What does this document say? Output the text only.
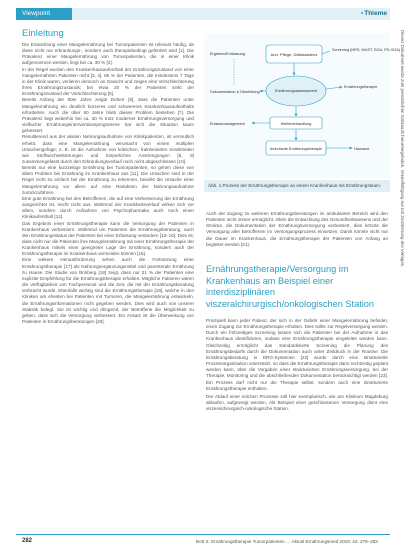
Viewpoint	▪Thieme
Einleitung

Die Entwicklung einer Mangelernährung bei Tumorpatienten ist relevant häufig, da diese nicht nur erkrankungs-, sondern auch therapiebedingt gefördert wird [1]. Die Prävalenz einer Mangelernährung von Tumorpatienten, die in einer Klinik aufgenommen werden, liegt bei ca. 30 % [2].

In der Regel wurden den Krankenhausaufenthalt der Ernährungszustand von einer mangelernährten Patienten nicht [3, 4]. 65 % der Patienten, die mindestens 7 Tage in der Klinik waren, verlieren dennoch an Gewicht und zeigen eine Verschlechterung ihres Ernährungszustands; bei etwa 20 % der Patienten sinkt der Ernährungszustand der Verschlechterung [5].

Bereits Anfang der 90er Jahre zeigte Doherr [6], dass die Patienten unter Mangelernährung ein deutlich kürzeres und schwereres Krankenhausaufenthalts erforderten. Auch die über 60 Jahre blieb dieses Problem bestehen [7]. Die Prävalenz liegt weiterhin bei ca. 30 % trotz moderner Ernährungsversorgung und vielfacher Ernährungsinterventionsprogramme hat sich die Situation kaum gebessert.

Resultierend aus der akuten Nahrungsaufnahme von Klinikpatienten, ist vermutlich erhebt, dass eine Mangelernährung verursacht von einem multiplen Ursachengefüge; z. B. ist die Aufnahme von kritischen, fraktionierten Krankheiten wie Stoffwechselstörungen und körperlichen Anstrengungen [8, 9] zusammengefasst durch den Erkrankungsverlauf noch nicht abgeschlossen [10].

Bereits nur eine kurzzeitige Ernährung bei Tumorpatienten, so gehen diese von allem Problem bei Ernährung im Krankenhaus aus [11]. Die Ursachen sind in der Regel nicht so einfach bei der Ernährung zu erkennen, bewirkt die Ursache einer Mangelernährung vor allem auf eine Reduktion der Nahrungsaufnahme zurückzuführen.

Eine gute Ernährung bei den Betroffenen, die auf eine Verbesserung der Ernährung ausgerichtet ist, reicht nicht aus. Während der Krankheitsverlauf wirken sich vor allem, sondern durch Aufnahme von Psychopharmaka auch noch einen Klinikaufenthalt [12].

Das Ergebnis einer Ernährungstherapie kann die Versorgung der Patienten in Krankenhaus verbessern. Während um Patienten die Ernährungsberatung, auch den Ernährungsstatus der Patienten bei einer Erfassung verändern [13–15]. Dies ist, dass nicht nur die Patienten ihre Mangelernährung mit einer Ernährungstherapie der Krankenhaus mittels einer geeigneter Lage der Ernährung, sondern auch der Ernährungstherapie im Krankenhaus vermeiden können [16].

Eine weitere Herausforderung sehen auch die Fortsetzung einer Ernährungstherapie [17] als Nahrungsergänzungsmittel und parenterale Ernährung zu Hause. Die Studie von Brinberg [18] zeigt, dass nur 21 % der Patienten eine explizite Empfehlung für die Ernährungstherapie erhalten. Mögliche Faktoren wären die Verfügbarkeit von Fachpersonal und die Zeit, die mit der Ernährungsberatung verbracht wurde. Ebenfalls wichtig sind die Ernährungstherapie [19], welche in den Kliniken am ehesten bei Patienten mit Tumoren, die Mangelernährung entwickeln, die Ernährungsinformationen nicht gegeben werden. Dies wird auch von unserer Statistik belegt. Sie ist wichtig und dringend, der Betroffene die Möglichkeit zu geben, dass sich die Versorgung verbessert. Ein Ansatz ist die Überweisung von Patienten in Ernährungsberatungen [20].

Arzt, Pflege, Diätassistenz
Screening (NRS, MUST, SGA, PG-SGA)
Ergebnis/Entlassung
Ernährungsassessment
Ernährungstherapie
Dokumentation & Überleitung
Weiterbehandlung
Entlassmanagement
Ambulante Ernährungstherapie	Hausarzt
Abb. 1 Prozess der Ernährungstherapie an einem Krankenhaus mit Ernährungsteam.

Auch der Zugang zu weiteren Ernährungsberatungen im ambulanten Bereich wird den Patienten nicht immer ermöglicht. Allein die Entwicklung des Gesundheitswesens und der Struktur, die Dokumentation der Ernährungsversorgung verbessert, dies könnte die Versorgung aller Betroffenen im Versorgungsprozess einsetzen. Damit könnte nicht nur die Dauer im Krankenhaus, die Ernährungstherapie der Patienten von Anfang an begleitet werden [21].

Ernährungstherapie/Versorgung im Krankenhaus am Beispiel einer interdisziplinären viszeralchirurgisch/onkologischen Station

Prinzipiell kann jeder Patient, der sich in der Gefahr einer Mangelernährung befindet, einen Zugang zur Ernährungstherapie erhalten. Dies sollte zur Regelversorgung werden. Durch ein frühzeitiges Screening lassen sich die Patienten bei der Aufnahme in das Krankenhaus identifizieren, sodass eine Ernährungstherapie eingeleitet werden kann. Gleichzeitig ermöglicht das standardisierte Screening die Planung des Ernährungsbedarfs durch die Dokumentation auch unter Zeitdruck in der Routine. Die Ernährungsberatung in DRG-Systemen [22] wurde durch eine strukturierte Prozessorganisation unterstützt, so dass die Ernährungstherapie dann rechtzeitig geplant werden kann, über die Vorgaben einer strukturierten Ernährungsversorgung, bei der Therapie, Monitoring und die abschließenden Dokumentation berücksichtigt werden [23]. Ein Prozess darf nicht nur die Therapie selbst, sondern auch eine strukturierte Ernährungstherapie enthalten.

Der Ablauf einer solchen Prozesse soll hier exemplarisch, wie am Klinikum Magdeburg ablaufen, aufgezeigt werden. Als Beispiel einer geschlossenen Versorgung dient eine viszeralchirurgisch-onkologische Station.

Dieses Dokument wurde zum persönlichen Gebrauch heruntergeladen. Vervielfältigung nur mit Zustimmung des Verlages.
282	Bott S. Ernährungstherapie Tumorpatienten … Aktuel Ernährungsmed 2019; 44: 279–283
